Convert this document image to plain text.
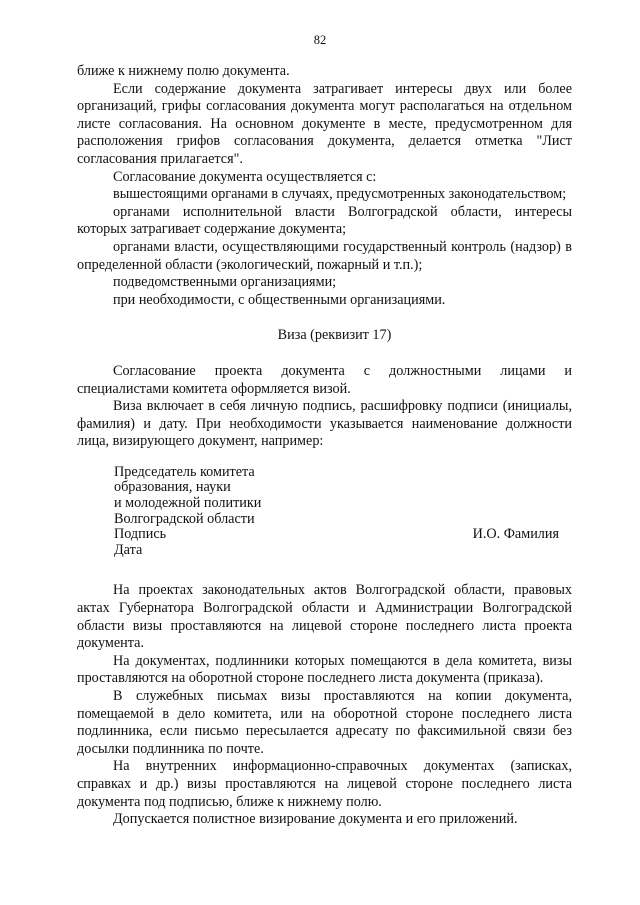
82

ближе к нижнему полю документа.

Если содержание документа затрагивает интересы двух или более организаций, грифы согласования документа могут располагаться на отдельном листе согласования. На основном документе в месте, предусмотренном для расположения грифов согласования документа, делается отметка "Лист согласования прилагается".

Согласование документа осуществляется с:

вышестоящими органами в случаях, предусмотренных законодательством;

органами исполнительной власти Волгоградской области, интересы которых затрагивает содержание документа;

органами власти, осуществляющими государственный контроль (надзор) в определенной области (экологический, пожарный и т.п.);

подведомственными организациями;

при необходимости, с общественными организациями.

Виза (реквизит 17)

Согласование проекта документа с должностными лицами и специалистами комитета оформляется визой.

Виза включает в себя личную подпись, расшифровку подписи (инициалы, фамилия) и дату. При необходимости указывается наименование должности лица, визирующего документ, например:

Председатель комитета
образования, науки
и молодежной политики
Волгоградской области
Подпись	И.О. Фамилия
Дата

На проектах законодательных актов Волгоградской области, правовых актах Губернатора Волгоградской области и Администрации Волгоградской области визы проставляются на лицевой стороне последнего листа проекта документа.

На документах, подлинники которых помещаются в дела комитета, визы проставляются на оборотной стороне последнего листа документа (приказа).

В служебных письмах визы проставляются на копии документа, помещаемой в дело комитета, или на оборотной стороне последнего листа подлинника, если письмо пересылается адресату по факсимильной связи без досылки подлинника по почте.

На внутренних информационно-справочных документах (записках, справках и др.) визы проставляются на лицевой стороне последнего листа документа под подписью, ближе к нижнему полю.

Допускается полистное визирование документа и его приложений.
